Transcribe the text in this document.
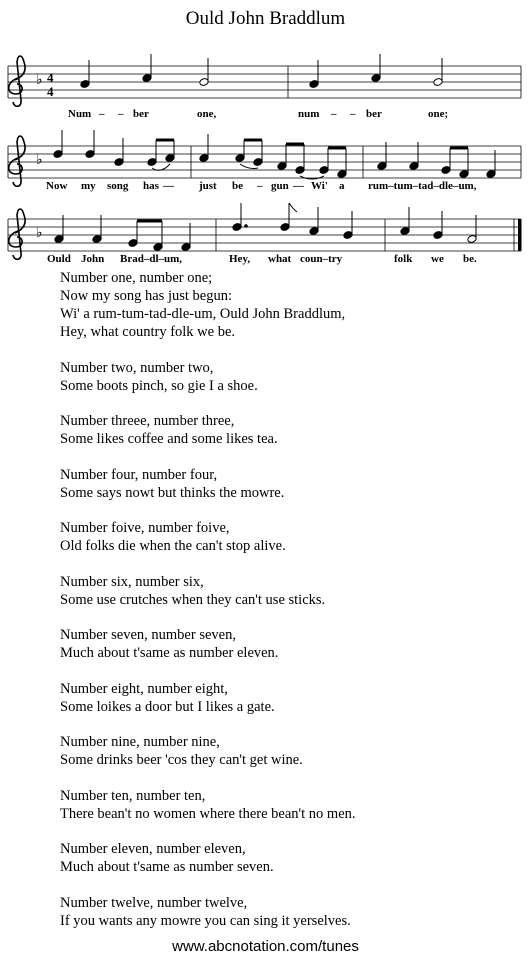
Ould John Braddlum
♭ 4
4
Num – – ber	one,	num – – ber	one;
♭
Now my song has — just be – gun — Wi' a rum–tum–tad–dle–um,
♭
Ould John Brad–dl–um,	Hey, what coun–try	folk we be.
Number one, number one;
Now my song has just begun:
Wi' a rum-tum-tad-dle-um, Ould John Braddlum,
Hey, what country folk we be.
Number two, number two,
Some boots pinch, so gie I a shoe.
Number threee, number three,
Some likes coffee and some likes tea.
Number four, number four,
Some says nowt but thinks the mowre.
Number foive, number foive,
Old folks die when the can't stop alive.
Number six, number six,
Some use crutches when they can't use sticks.
Number seven, number seven,
Much about t'same as number eleven.
Number eight, number eight,
Some loikes a door but I likes a gate.
Number nine, number nine,
Some drinks beer 'cos they can't get wine.
Number ten, number ten,
There bean't no women where there bean't no men.
Number eleven, number eleven,
Much about t'same as number seven.
Number twelve, number twelve,
If you wants any mowre you can sing it yerselves.
www.abcnotation.com/tunes
